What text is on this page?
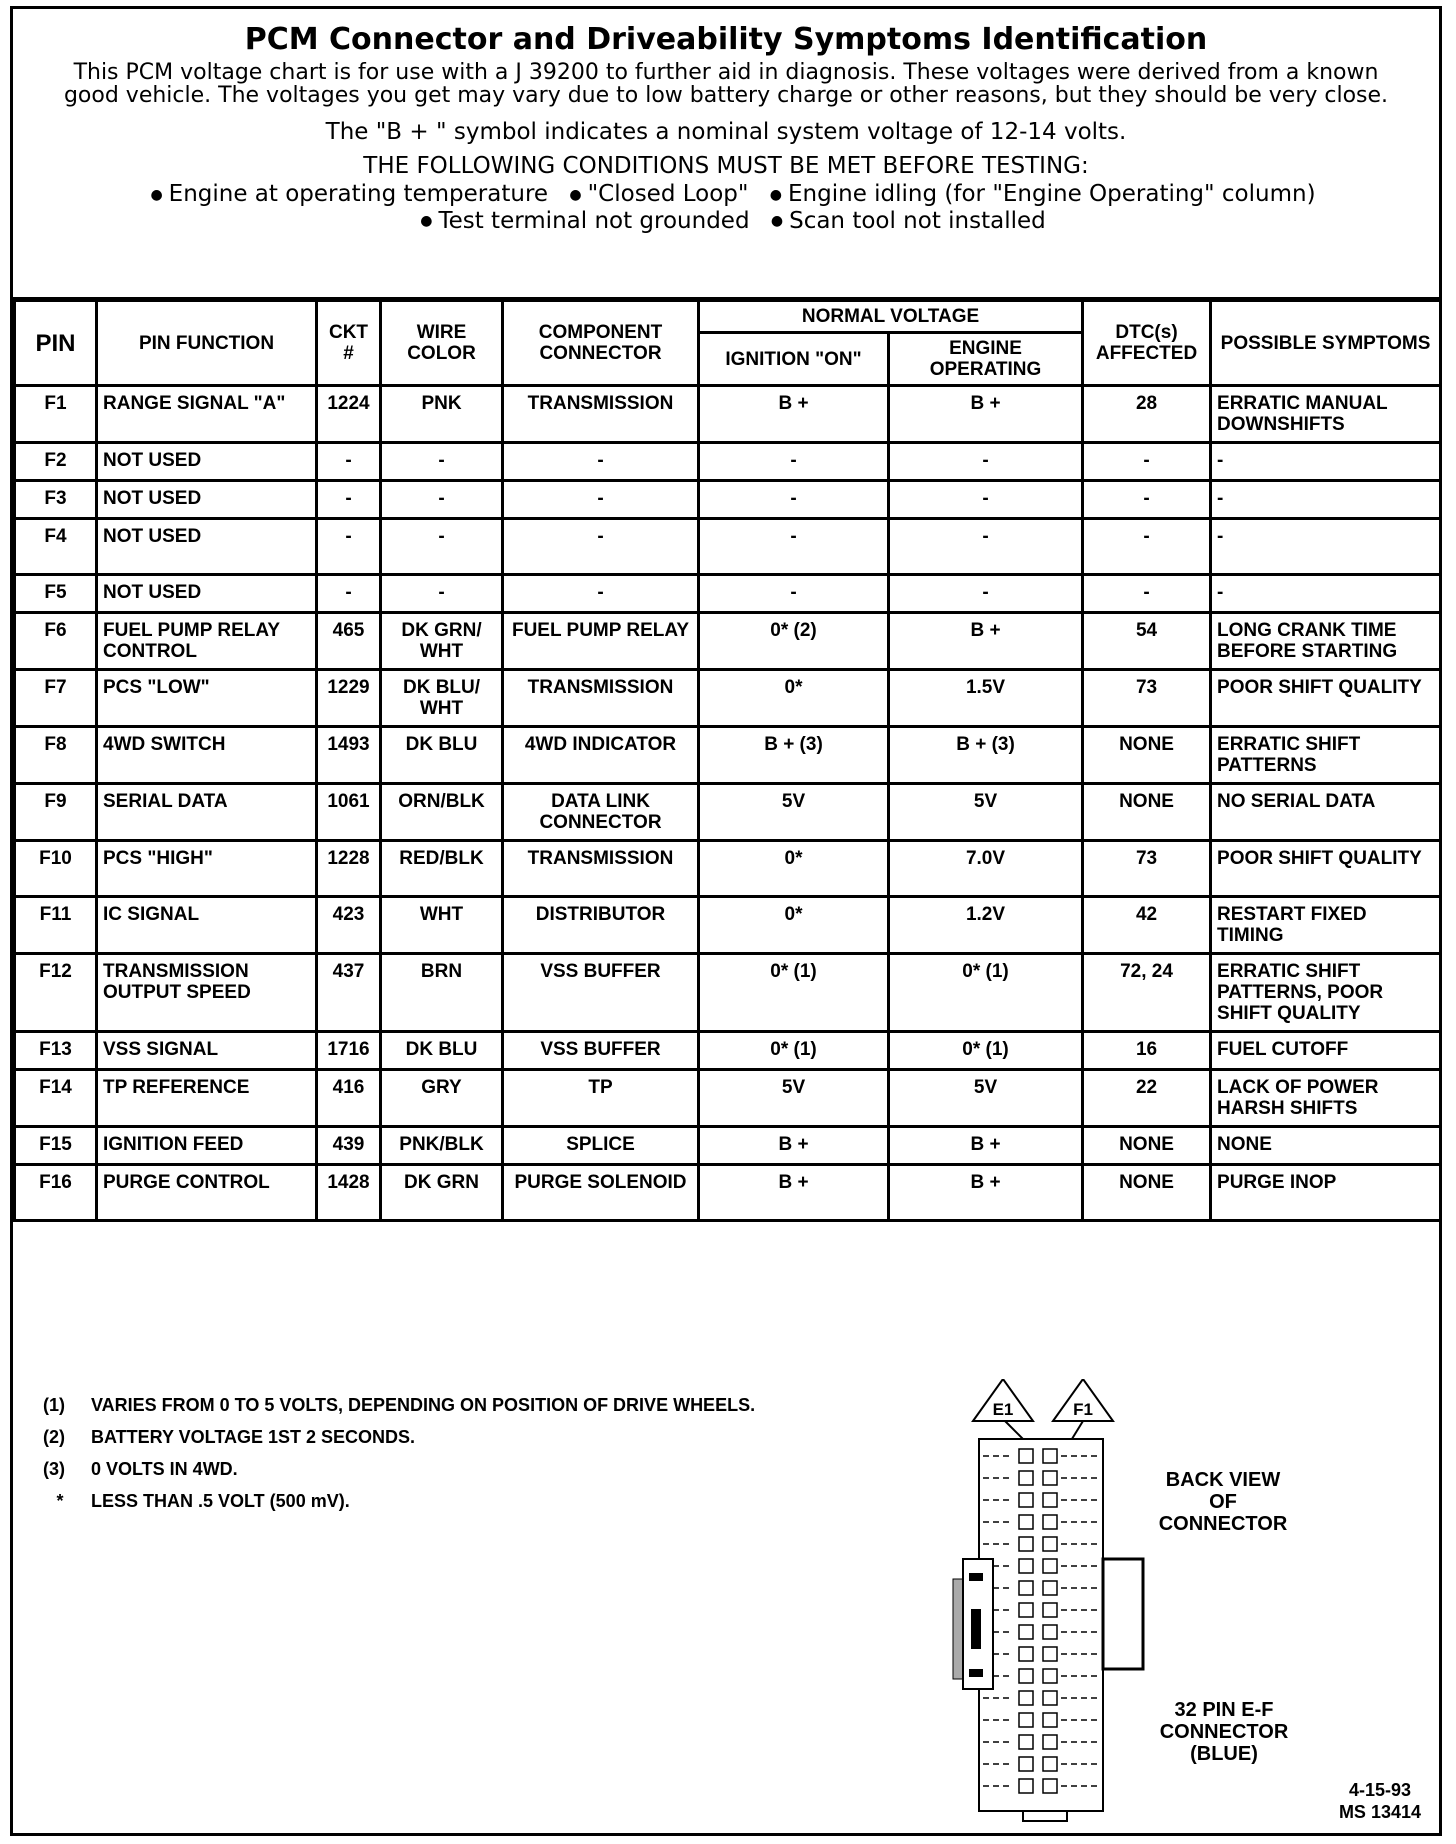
PCM Connector and Driveability Symptoms Identification
This PCM voltage chart is for use with a J 39200 to further aid in diagnosis. These voltages were derived from a known good vehicle. The voltages you get may vary due to low battery charge or other reasons, but they should be very close.
The "B + " symbol indicates a nominal system voltage of 12-14 volts.
THE FOLLOWING CONDITIONS MUST BE MET BEFORE TESTING:
● Engine at operating temperature ● "Closed Loop" ● Engine idling (for "Engine Operating" column)
● Test terminal not grounded ● Scan tool not installed
PIN	PIN FUNCTION	CKT #	WIRE COLOR	COMPONENT CONNECTOR	NORMAL VOLTAGE		DTC(s) AFFECTED	POSSIBLE SYMPTOMS
					IGNITION "ON"	ENGINE OPERATING		
F1	RANGE SIGNAL "A"	1224	PNK	TRANSMISSION	B +	B +	28	ERRATIC MANUAL DOWNSHIFTS
F2	NOT USED	-	-	-	-	-	-	-
F3	NOT USED	-	-	-	-	-	-	-
F4	NOT USED	-	-	-	-	-	-	-
F5	NOT USED	-	-	-	-	-	-	-
F6	FUEL PUMP RELAY CONTROL	465	DK GRN/ WHT	FUEL PUMP RELAY	0* (2)	B +	54	LONG CRANK TIME BEFORE STARTING
F7	PCS "LOW"	1229	DK BLU/ WHT	TRANSMISSION	0*	1.5V	73	POOR SHIFT QUALITY
F8	4WD SWITCH	1493	DK BLU	4WD INDICATOR	B + (3)	B + (3)	NONE	ERRATIC SHIFT PATTERNS
F9	SERIAL DATA	1061	ORN/BLK	DATA LINK CONNECTOR	5V	5V	NONE	NO SERIAL DATA
F10	PCS "HIGH"	1228	RED/BLK	TRANSMISSION	0*	7.0V	73	POOR SHIFT QUALITY
F11	IC SIGNAL	423	WHT	DISTRIBUTOR	0*	1.2V	42	RESTART FIXED TIMING
F12	TRANSMISSION OUTPUT SPEED	437	BRN	VSS BUFFER	0* (1)	0* (1)	72, 24	ERRATIC SHIFT PATTERNS, POOR SHIFT QUALITY
F13	VSS SIGNAL	1716	DK BLU	VSS BUFFER	0* (1)	0* (1)	16	FUEL CUTOFF
F14	TP REFERENCE	416	GRY	TP	5V	5V	22	LACK OF POWER HARSH SHIFTS
F15	IGNITION FEED	439	PNK/BLK	SPLICE	B +	B +	NONE	NONE
F16	PURGE CONTROL	1428	DK GRN	PURGE SOLENOID	B +	B +	NONE	PURGE INOP
(1)	VARIES FROM 0 TO 5 VOLTS, DEPENDING ON POSITION OF DRIVE WHEELS.
(2)	BATTERY VOLTAGE 1ST 2 SECONDS.
(3)	0 VOLTS IN 4WD.
*	LESS THAN .5 VOLT (500 mV).
E1	F1
BACK VIEW OF CONNECTOR
32 PIN E-F CONNECTOR (BLUE)
4-15-93
MS 13414
